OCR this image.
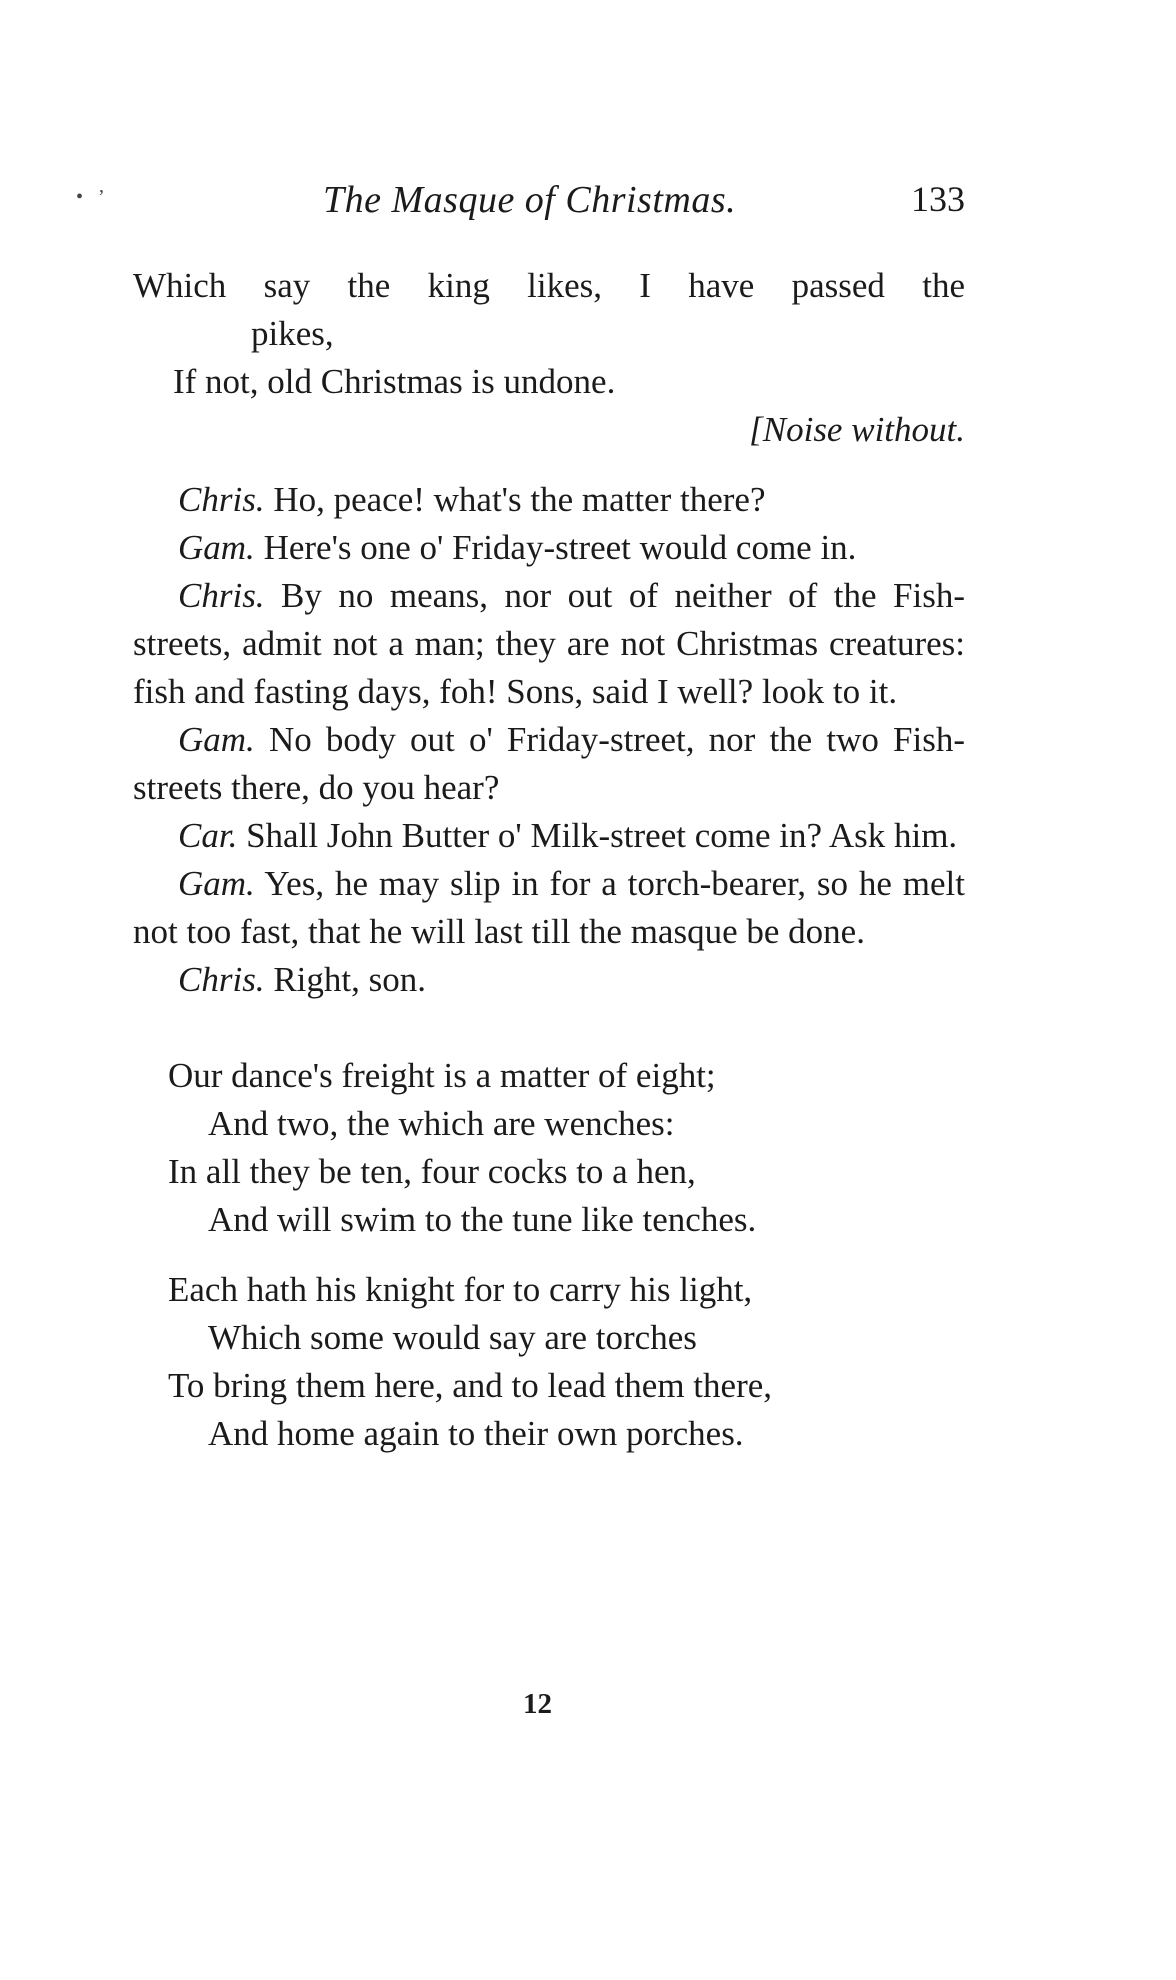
•   ’	The Masque of Christmas.	133
Which say the king likes, I have passed the
pikes,
If not, old Christmas is undone.
[Noise without.

Chris. Ho, peace! what's the matter there?

Gam. Here's one o' Friday-street would come in.

Chris. By no means, nor out of neither of the Fish-streets, admit not a man; they are not Christmas creatures: fish and fasting days, foh! Sons, said I well? look to it.

Gam. No body out o' Friday-street, nor the two Fish-streets there, do you hear?

Car. Shall John Butter o' Milk-street come in? Ask him.

Gam. Yes, he may slip in for a torch-bearer, so he melt not too fast, that he will last till the masque be done.

Chris. Right, son.

Our dance's freight is a matter of eight;
And two, the which are wenches:
In all they be ten, four cocks to a hen,
And will swim to the tune like tenches.
Each hath his knight for to carry his light,
Which some would say are torches
To bring them here, and to lead them there,
And home again to their own porches.
12
